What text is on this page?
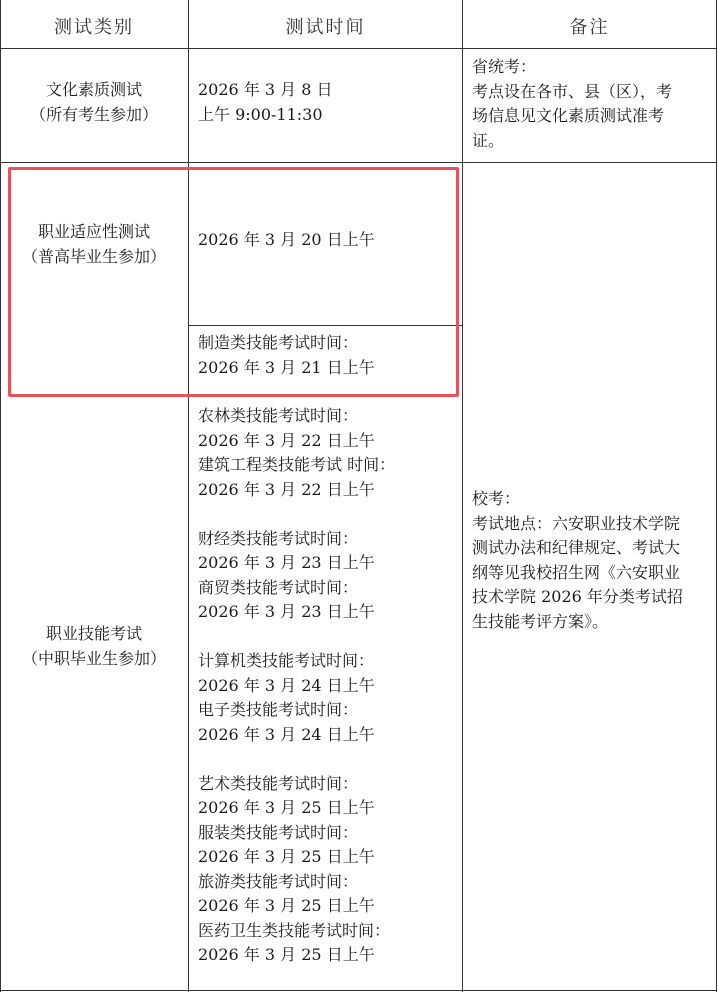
测试类别	测试时间	备注
文化素质测试
（所有考生参加）
2026 年 3 月 8 日
上午 9:00-11:30
省统考：
考点设在各市、县（区），考
场信息见文化素质测试准考
证。
职业适应性测试
（普高毕业生参加）
2026 年 3 月 20 日上午
制造类技能考试时间：
2026 年 3 月 21 日上午
职业技能考试
（中职毕业生参加）
农林类技能考试时间：
2026 年 3 月 22 日上午
建筑工程类技能考试 时间：
2026 年 3 月 22 日上午
财经类技能考试时间：
2026 年 3 月 23 日上午
商贸类技能考试时间：
2026 年 3 月 23 日上午
计算机类技能考试时间：
2026 年 3 月 24 日上午
电子类技能考试时间：
2026 年 3 月 24 日上午
艺术类技能考试时间：
2026 年 3 月 25 日上午
服装类技能考试时间：
2026 年 3 月 25 日上午
旅游类技能考试时间：
2026 年 3 月 25 日上午
医药卫生类技能考试时间：
2026 年 3 月 25 日上午
校考：
考试地点：六安职业技术学院
测试办法和纪律规定、考试大
纲等见我校招生网《六安职业
技术学院 2026 年分类考试招
生技能考评方案》。
